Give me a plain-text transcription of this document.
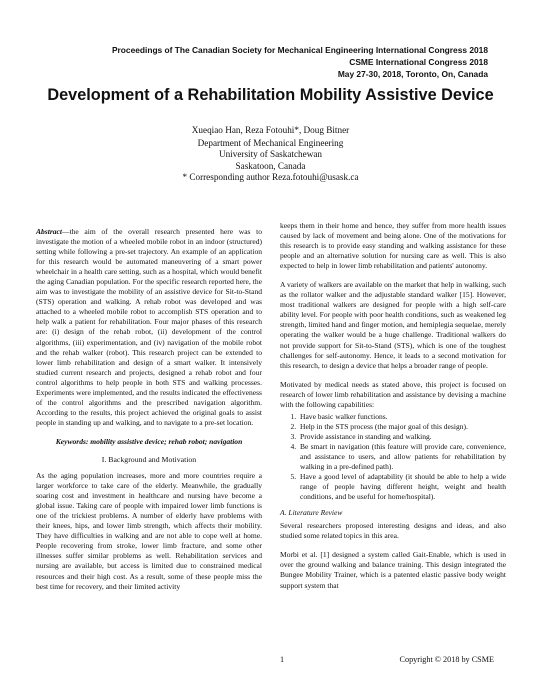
Proceedings of The Canadian Society for Mechanical Engineering International Congress 2018
CSME International Congress 2018
May 27-30, 2018, Toronto, On, Canada
Development of a Rehabilitation Mobility Assistive Device
Xueqiao Han, Reza Fotouhi*, Doug Bitner
Department of Mechanical Engineering
University of Saskatchewan
Saskatoon, Canada
* Corresponding author Reza.fotouhi@usask.ca

Abstract—the aim of the overall research presented here was to investigate the motion of a wheeled mobile robot in an indoor (structured) setting while following a pre-set trajectory. An example of an application for this research would be automated maneuvering of a smart power wheelchair in a health care setting, such as a hospital, which would benefit the aging Canadian population. For the specific research reported here, the aim was to investigate the mobility of an assistive device for Sit-to-Stand (STS) operation and walking. A rehab robot was developed and was attached to a wheeled mobile robot to accomplish STS operation and to help walk a patient for rehabilitation. Four major phases of this research are: (i) design of the rehab robot, (ii) development of the control algorithms, (iii) experimentation, and (iv) navigation of the mobile robot and the rehab walker (robot). This research project can be extended to lower limb rehabilitation and design of a smart walker. It intensively studied current research and projects, designed a rehab robot and four control algorithms to help people in both STS and walking processes. Experiments were implemented, and the results indicated the effectiveness of the control algorithms and the prescribed navigation algorithm. According to the results, this project achieved the original goals to assist people in standing up and walking, and to navigate to a pre-set location.

Keywords: mobility assistive device; rehab robot; navigation

I. Background and Motivation

As the aging population increases, more and more countries require a larger workforce to take care of the elderly. Meanwhile, the gradually soaring cost and investment in healthcare and nursing have become a global issue. Taking care of people with impaired lower limb functions is one of the trickiest problems. A number of elderly have problems with their knees, hips, and lower limb strength, which affects their mobility. They have difficulties in walking and are not able to cope well at home. People recovering from stroke, lower limb fracture, and some other illnesses suffer similar problems as well. Rehabilitation services and nursing are available, but access is limited due to constrained medical resources and their high cost. As a result, some of these people miss the best time for recovery, and their limited activity

keeps them in their home and hence, they suffer from more health issues caused by lack of movement and being alone. One of the motivations for this research is to provide easy standing and walking assistance for these people and an alternative solution for nursing care as well. This is also expected to help in lower limb rehabilitation and patients' autonomy.

A variety of walkers are available on the market that help in walking, such as the rollator walker and the adjustable standard walker [15]. However, most traditional walkers are designed for people with a high self-care ability level. For people with poor health conditions, such as weakened leg strength, limited hand and finger motion, and hemiplegia sequelae, merely operating the walker would be a huge challenge. Traditional walkers do not provide support for Sit-to-Stand (STS), which is one of the toughest challenges for self-autonomy. Hence, it leads to a second motivation for this research, to design a device that helps a broader range of people.

Motivated by medical needs as stated above, this project is focused on research of lower limb rehabilitation and assistance by devising a machine with the following capabilities:

1. Have basic walker functions.
2. Help in the STS process (the major goal of this design).
3. Provide assistance in standing and walking.
4. Be smart in navigation (this feature will provide care, convenience, and assistance to users, and allow patients for rehabilitation by walking in a pre-defined path).
5. Have a good level of adaptability (it should be able to help a wide range of people having different height, weight and health conditions, and be useful for home/hospital).
A. Literature Review

Several researchers proposed interesting designs and ideas, and also studied some related topics in this area.

Morbi et al. [1] designed a system called Gait-Enable, which is used in over the ground walking and balance training. This design integrated the Bungee Mobility Trainer, which is a patented elastic passive body weight support system that

1	Copyright © 2018 by CSME
